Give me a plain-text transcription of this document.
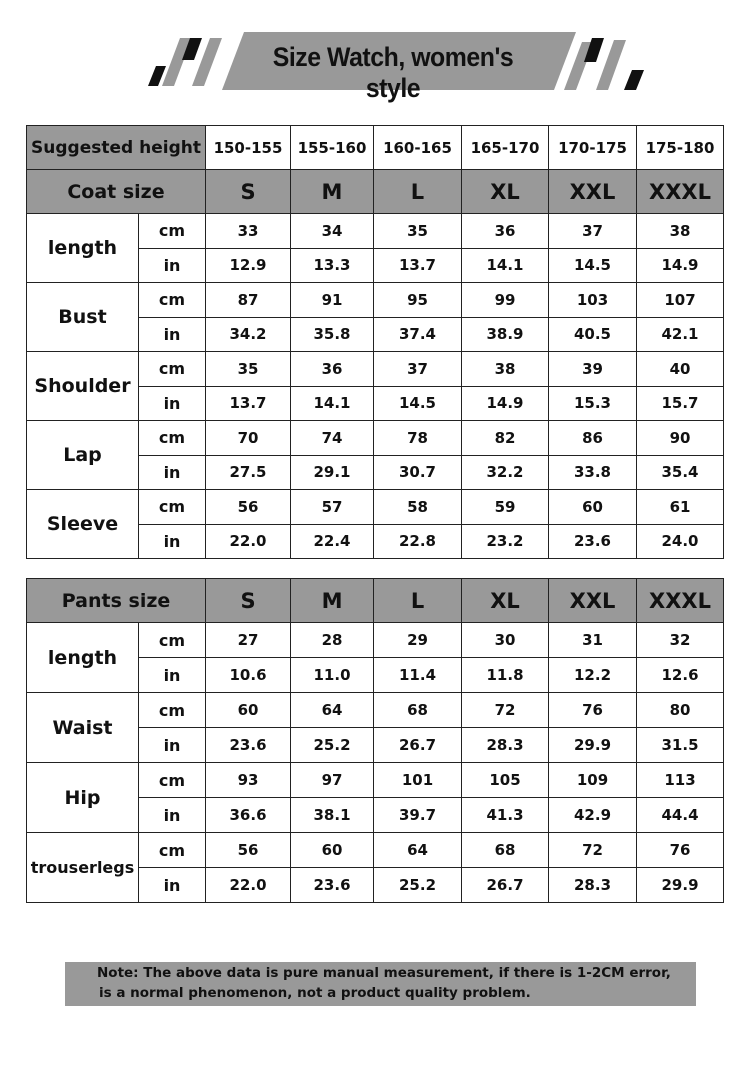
Size Watch, women's style
Suggested height		150-155	155-160	160-165	165-170	170-175	175-180
Coat size		S	M	L	XL	XXL	XXXL
length	cm	33	34	35	36	37	38
	in	12.9	13.3	13.7	14.1	14.5	14.9
Bust	cm	87	91	95	99	103	107
	in	34.2	35.8	37.4	38.9	40.5	42.1
Shoulder	cm	35	36	37	38	39	40
	in	13.7	14.1	14.5	14.9	15.3	15.7
Lap	cm	70	74	78	82	86	90
	in	27.5	29.1	30.7	32.2	33.8	35.4
Sleeve	cm	56	57	58	59	60	61
	in	22.0	22.4	22.8	23.2	23.6	24.0
Pants size		S	M	L	XL	XXL	XXXL
length	cm	27	28	29	30	31	32
	in	10.6	11.0	11.4	11.8	12.2	12.6
Waist	cm	60	64	68	72	76	80
	in	23.6	25.2	26.7	28.3	29.9	31.5
Hip	cm	93	97	101	105	109	113
	in	36.6	38.1	39.7	41.3	42.9	44.4
trouserlegs	cm	56	60	64	68	72	76
	in	22.0	23.6	25.2	26.7	28.3	29.9
Note: The above data is pure manual measurement, if there is 1-2CM error,
is a normal phenomenon, not a product quality problem.
